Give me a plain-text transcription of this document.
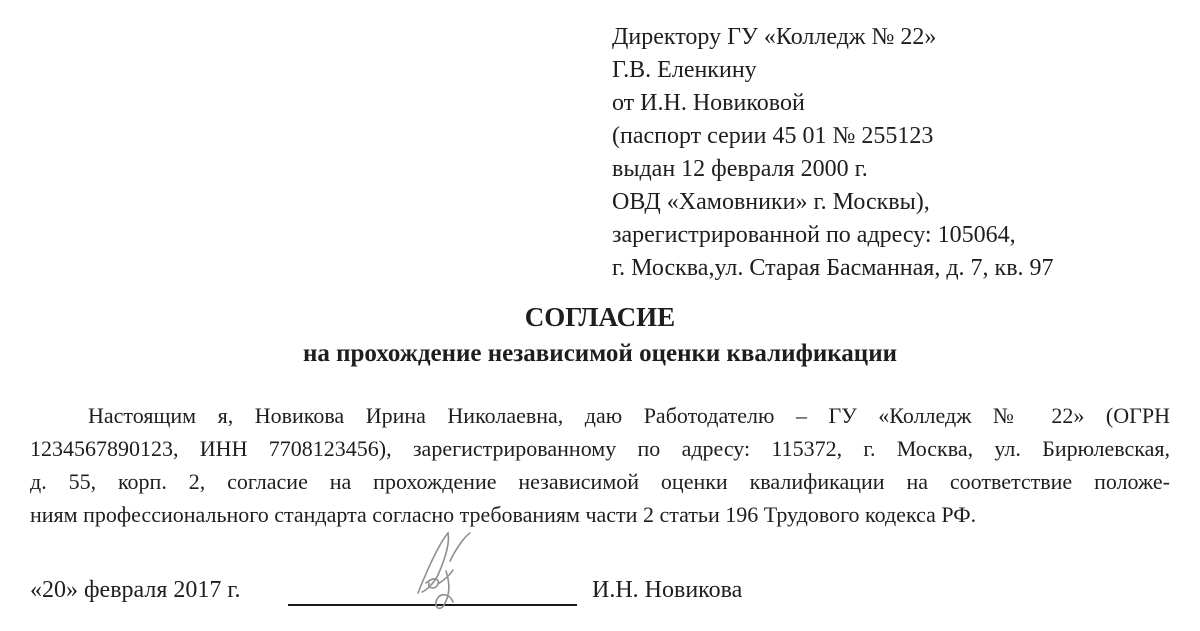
Директору ГУ «Колледж № 22»
Г.В. Еленкину
от И.Н. Новиковой
(паспорт серии 45 01 № 255123
выдан 12 февраля 2000 г.
ОВД «Хамовники» г. Москвы),
зарегистрированной по адресу: 105064,
г. Москва,ул. Старая Басманная, д. 7, кв. 97
СОГЛАСИЕ
на прохождение независимой оценки квалификации
Настоящим я, Новикова Ирина Николаевна, даю Работодателю – ГУ «Колледж № 22» (ОГРН
1234567890123, ИНН 7708123456), зарегистрированному по адресу: 115372, г. Москва, ул. Бирюлевская,
д. 55, корп. 2, согласие на прохождение независимой оценки квалификации на соответствие положе-
ниям профессионального стандарта согласно требованиям части 2 статьи 196 Трудового кодекса РФ.
«20» февраля 2017 г.	И.Н. Новикова
